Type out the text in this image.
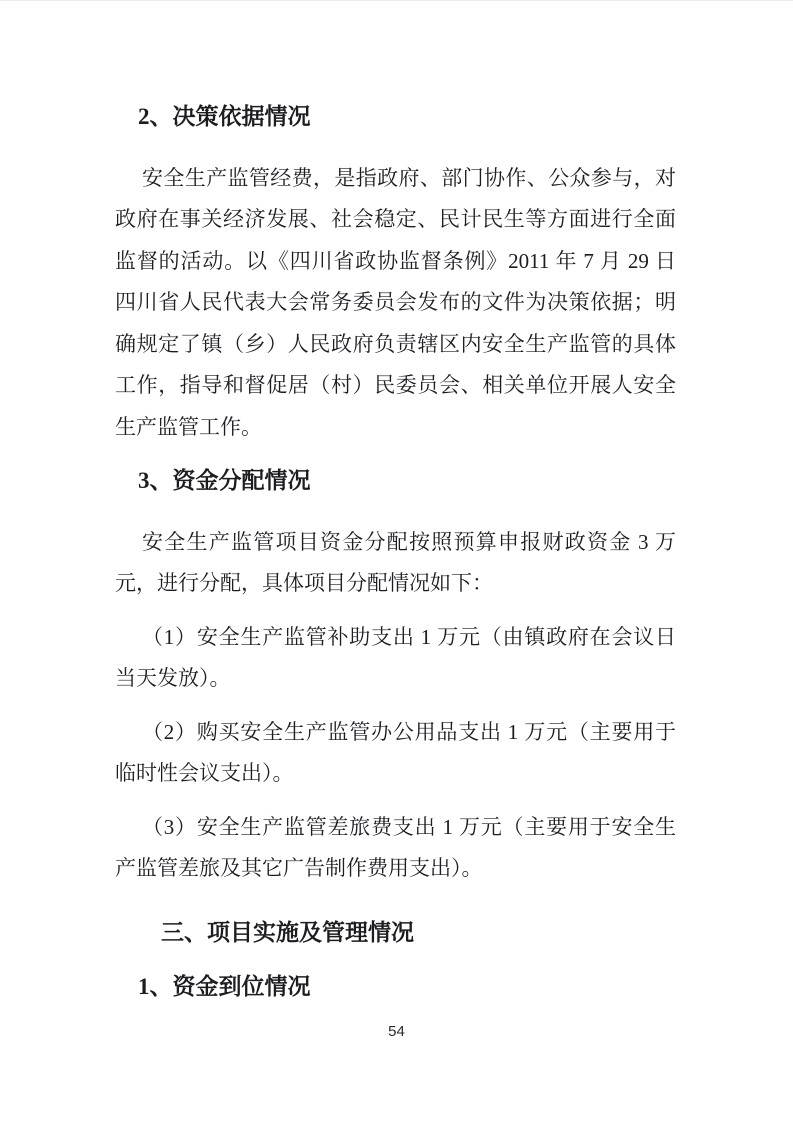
2、决策依据情况
安全生产监管经费，是指政府、部门协作、公众参与，对
政府在事关经济发展、社会稳定、民计民生等方面进行全面
监督的活动。以《四川省政协监督条例》2011 年 7 月 29 日
四川省人民代表大会常务委员会发布的文件为决策依据；明
确规定了镇（乡）人民政府负责辖区内安全生产监管的具体
工作，指导和督促居（村）民委员会、相关单位开展人安全
生产监管工作。
3、资金分配情况
安全生产监管项目资金分配按照预算申报财政资金 3 万
元，进行分配，具体项目分配情况如下：
（1）安全生产监管补助支出 1 万元（由镇政府在会议日
当天发放）。
（2）购买安全生产监管办公用品支出 1 万元（主要用于
临时性会议支出）。
（3）安全生产监管差旅费支出 1 万元（主要用于安全生
产监管差旅及其它广告制作费用支出）。
三、项目实施及管理情况
1、资金到位情况
54
